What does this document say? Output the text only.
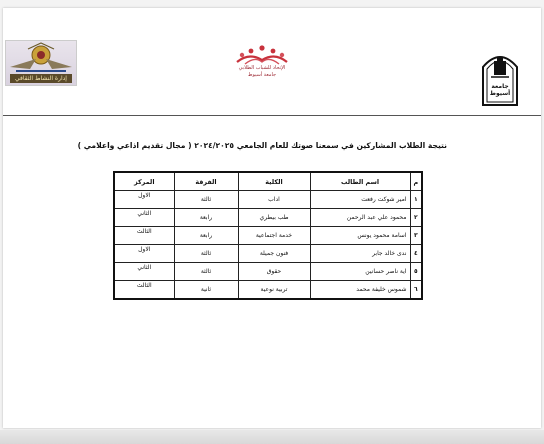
إدارة النشاط الثقافي
الإتحاد للشباب الطلابي
جامعة أسيوط
جامعة أسيوط
نتيجة الطلاب المشاركين في سمعنا صوتك للعام الجامعي ٢٠٢٤/٢٠٢٥ ( مجال تقديم اذاعي واعلامي )
م	اسم الطالب	الكلية	الفرقة	المركز
١	امير شوكت رفعت	اداب	ثالثة	الاول
٢	محمود علي عبد الرحمن	طب بيطري	رابعة	الثاني
٣	اسامة محمود يونس	خدمة اجتماعية	رابعة	الثالث
٤	ندى خالد جابر	فنون جميلة	ثالثة	الاول
٥	اية ناصر حسانين	حقوق	ثالثة	الثاني
٦	شموس خليفة محمد	تربية نوعية	ثانية	الثالث
